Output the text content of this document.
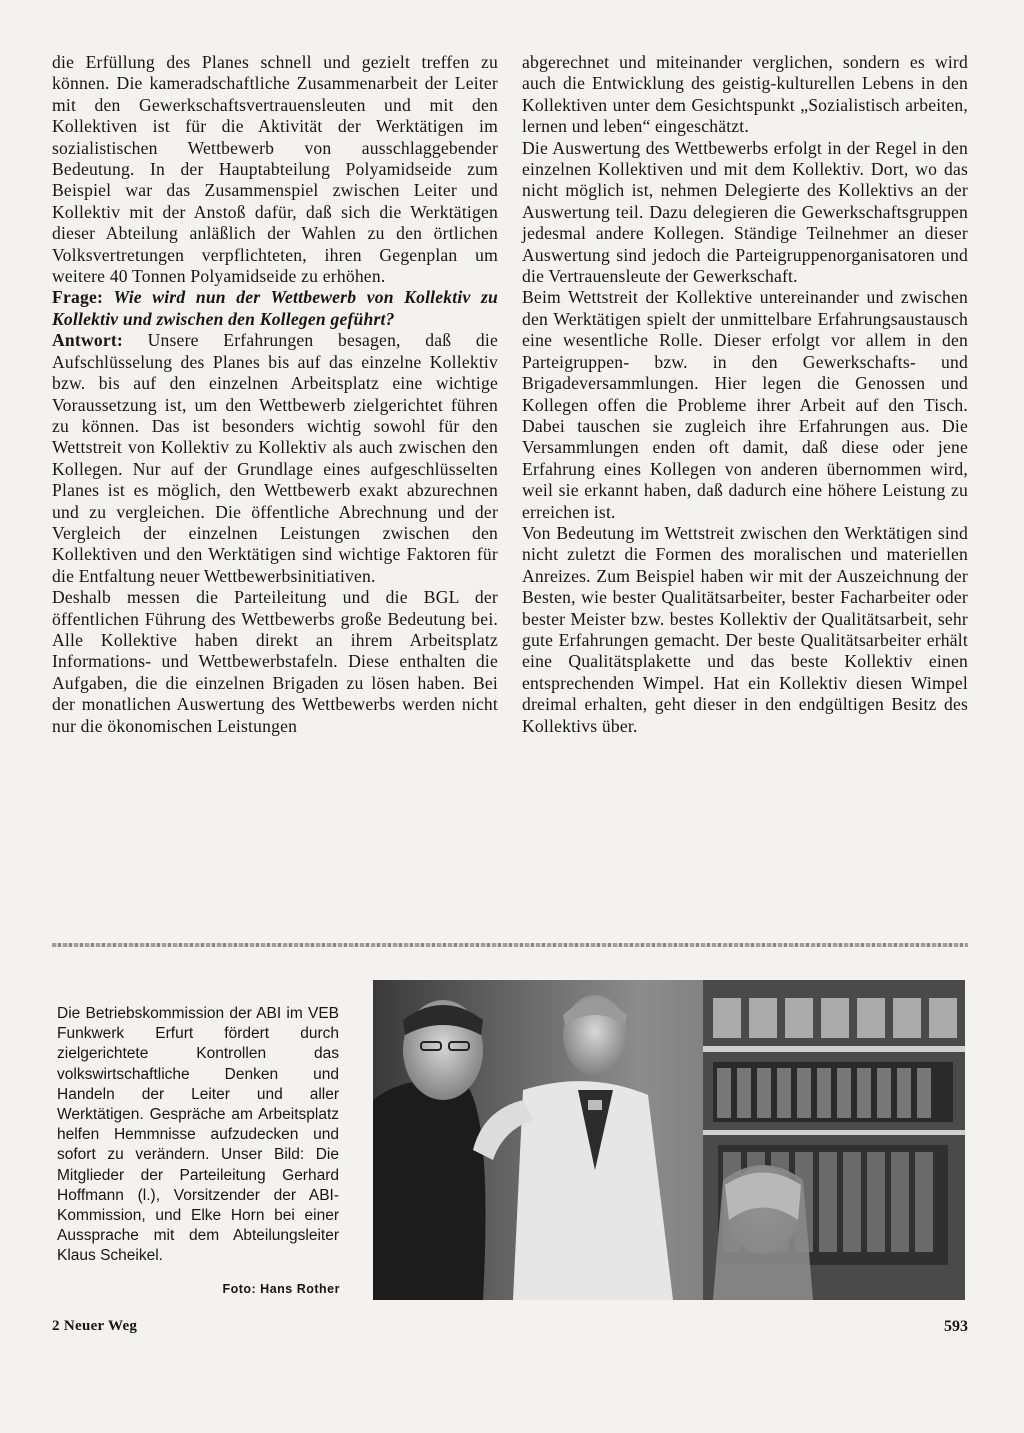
die Erfüllung des Planes schnell und gezielt treffen zu können. Die kameradschaftliche Zusammenarbeit der Leiter mit den Gewerkschaftsvertrauensleuten und mit den Kollektiven ist für die Aktivität der Werktätigen im sozialistischen Wettbewerb von ausschlaggebender Bedeutung. In der Hauptabteilung Polyamidseide zum Beispiel war das Zusammenspiel zwischen Leiter und Kollektiv mit der Anstoß dafür, daß sich die Werktätigen dieser Abteilung anläßlich der Wahlen zu den örtlichen Volksvertretungen verpflichteten, ihren Gegenplan um weitere 40 Tonnen Polyamidseide zu erhöhen.

Frage: Wie wird nun der Wettbewerb von Kollektiv zu Kollektiv und zwischen den Kollegen geführt?

Antwort: Unsere Erfahrungen besagen, daß die Aufschlüsselung des Planes bis auf das einzelne Kollektiv bzw. bis auf den einzelnen Arbeitsplatz eine wichtige Voraussetzung ist, um den Wettbewerb zielgerichtet führen zu können. Das ist besonders wichtig sowohl für den Wettstreit von Kollektiv zu Kollektiv als auch zwischen den Kollegen. Nur auf der Grundlage eines aufgeschlüsselten Planes ist es möglich, den Wettbewerb exakt abzurechnen und zu vergleichen. Die öffentliche Abrechnung und der Vergleich der einzelnen Leistungen zwischen den Kollektiven und den Werktätigen sind wichtige Faktoren für die Entfaltung neuer Wettbewerbsinitiativen.

Deshalb messen die Parteileitung und die BGL der öffentlichen Führung des Wettbewerbs große Bedeutung bei. Alle Kollektive haben direkt an ihrem Arbeitsplatz Informations- und Wettbewerbstafeln. Diese enthalten die Aufgaben, die die einzelnen Brigaden zu lösen haben. Bei der monatlichen Auswertung des Wettbewerbs werden nicht nur die ökonomischen Leistungen

abgerechnet und miteinander verglichen, sondern es wird auch die Entwicklung des geistig-kulturellen Lebens in den Kollektiven unter dem Gesichtspunkt „Sozialistisch arbeiten, lernen und leben“ eingeschätzt.

Die Auswertung des Wettbewerbs erfolgt in der Regel in den einzelnen Kollektiven und mit dem Kollektiv. Dort, wo das nicht möglich ist, nehmen Delegierte des Kollektivs an der Auswertung teil. Dazu delegieren die Gewerkschaftsgruppen jedesmal andere Kollegen. Ständige Teilnehmer an dieser Auswertung sind jedoch die Parteigruppenorganisatoren und die Vertrauensleute der Gewerkschaft.

Beim Wettstreit der Kollektive untereinander und zwischen den Werktätigen spielt der unmittelbare Erfahrungsaustausch eine wesentliche Rolle. Dieser erfolgt vor allem in den Parteigruppen- bzw. in den Gewerkschafts- und Brigadeversammlungen. Hier legen die Genossen und Kollegen offen die Probleme ihrer Arbeit auf den Tisch. Dabei tauschen sie zugleich ihre Erfahrungen aus. Die Versammlungen enden oft damit, daß diese oder jene Erfahrung eines Kollegen von anderen übernommen wird, weil sie erkannt haben, daß dadurch eine höhere Leistung zu erreichen ist.

Von Bedeutung im Wettstreit zwischen den Werktätigen sind nicht zuletzt die Formen des moralischen und materiellen Anreizes. Zum Beispiel haben wir mit der Auszeichnung der Besten, wie bester Qualitätsarbeiter, bester Facharbeiter oder bester Meister bzw. bestes Kollektiv der Qualitätsarbeit, sehr gute Erfahrungen gemacht. Der beste Qualitätsarbeiter erhält eine Qualitätsplakette und das beste Kollektiv einen entsprechenden Wimpel. Hat ein Kollektiv diesen Wimpel dreimal erhalten, geht dieser in den endgültigen Besitz des Kollektivs über.

Die Betriebskommission der ABI im VEB Funkwerk Erfurt fördert durch zielgerichtete Kontrollen das volkswirtschaftliche Denken und Handeln der Leiter und aller Werktätigen. Gespräche am Arbeitsplatz helfen Hemmnisse aufzudecken und sofort zu verändern. Unser Bild: Die Mitglieder der Parteileitung Gerhard Hoffmann (l.), Vorsitzender der ABI-Kommission, und Elke Horn bei einer Aussprache mit dem Abteilungsleiter Klaus Scheikel.
Foto: Hans Rother
2 Neuer Weg	593
